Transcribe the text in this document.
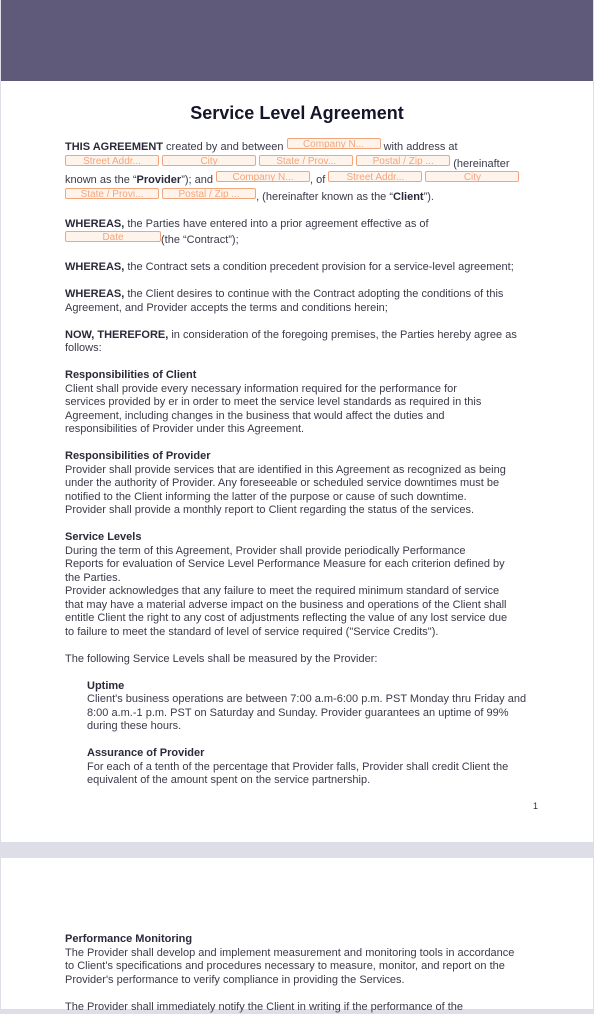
Service Level Agreement

THIS AGREEMENT created by and between Company N... with address at
Street Addr...	City	State / Prov...	Postal / Zip ... (hereinafter
known as the “Provider”); and Company N... , of Street Addr...	City
State / Provi...	Postal / Zip ... , (hereinafter known as the “Client”).

WHEREAS, the Parties have entered into a prior agreement effective as of
Date	(the “Contract”);

WHEREAS, the Contract sets a condition precedent provision for a service-level agreement;

WHEREAS, the Client desires to continue with the Contract adopting the conditions of this
Agreement, and Provider accepts the terms and conditions herein;

NOW, THEREFORE, in consideration of the foregoing premises, the Parties hereby agree as
follows:

Responsibilities of Client

Client shall provide every necessary information required for the performance for
services provided by er in order to meet the service level standards as required in this
Agreement, including changes in the business that would affect the duties and
responsibilities of Provider under this Agreement.

Responsibilities of Provider

Provider shall provide services that are identified in this Agreement as recognized as being
under the authority of Provider. Any foreseeable or scheduled service downtimes must be
notified to the Client informing the latter of the purpose or cause of such downtime.
Provider shall provide a monthly report to Client regarding the status of the services.

Service Levels

During the term of this Agreement, Provider shall provide periodically Performance
Reports for evaluation of Service Level Performance Measure for each criterion defined by
the Parties.
Provider acknowledges that any failure to meet the required minimum standard of service
that may have a material adverse impact on the business and operations of the Client shall
entitle Client the right to any cost of adjustments reflecting the value of any lost service due
to failure to meet the standard of level of service required ("Service Credits").

The following Service Levels shall be measured by the Provider:

Uptime

Client's business operations are between 7:00 a.m-6:00 p.m. PST Monday thru Friday and
8:00 a.m.-1 p.m. PST on Saturday and Sunday. Provider guarantees an uptime of 99%
during these hours.

Assurance of Provider

For each of a tenth of the percentage that Provider falls, Provider shall credit Client the
equivalent of the amount spent on the service partnership.

1

Performance Monitoring

The Provider shall develop and implement measurement and monitoring tools in accordance
to Client's specifications and procedures necessary to measure, monitor, and report on the
Provider's performance to verify compliance in providing the Services.

The Provider shall immediately notify the Client in writing if the performance of the
